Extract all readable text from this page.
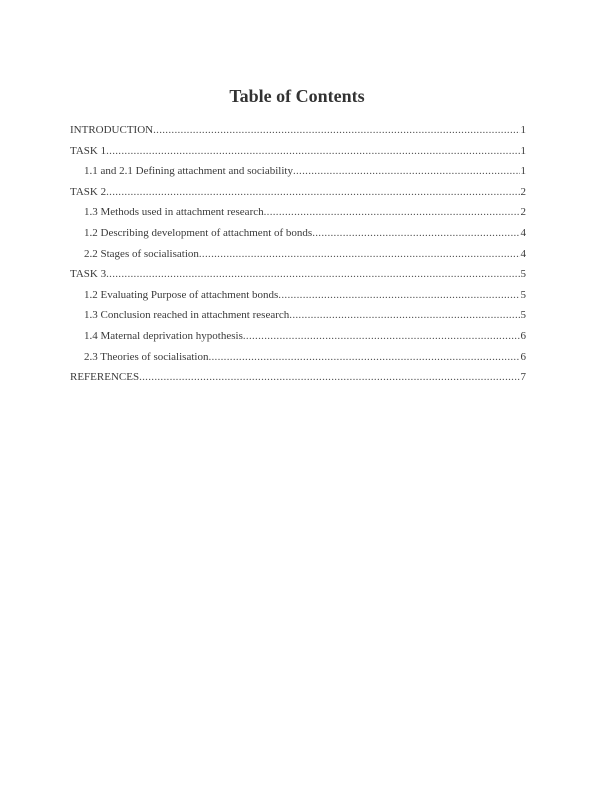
Table of Contents
INTRODUCTION .....	1
TASK 1 .....	1
1.1 and 2.1 Defining attachment and sociability .....	1
TASK 2 .....	2
1.3 Methods used in attachment research .....	2
1.2 Describing development of attachment of bonds .....	4
2.2 Stages of socialisation .....	4
TASK 3 .....	5
1.2 Evaluating Purpose of attachment bonds .....	5
1.3 Conclusion reached in attachment research .....	5
1.4 Maternal deprivation hypothesis .....	6
2.3 Theories of socialisation .....	6
REFERENCES .....	7
